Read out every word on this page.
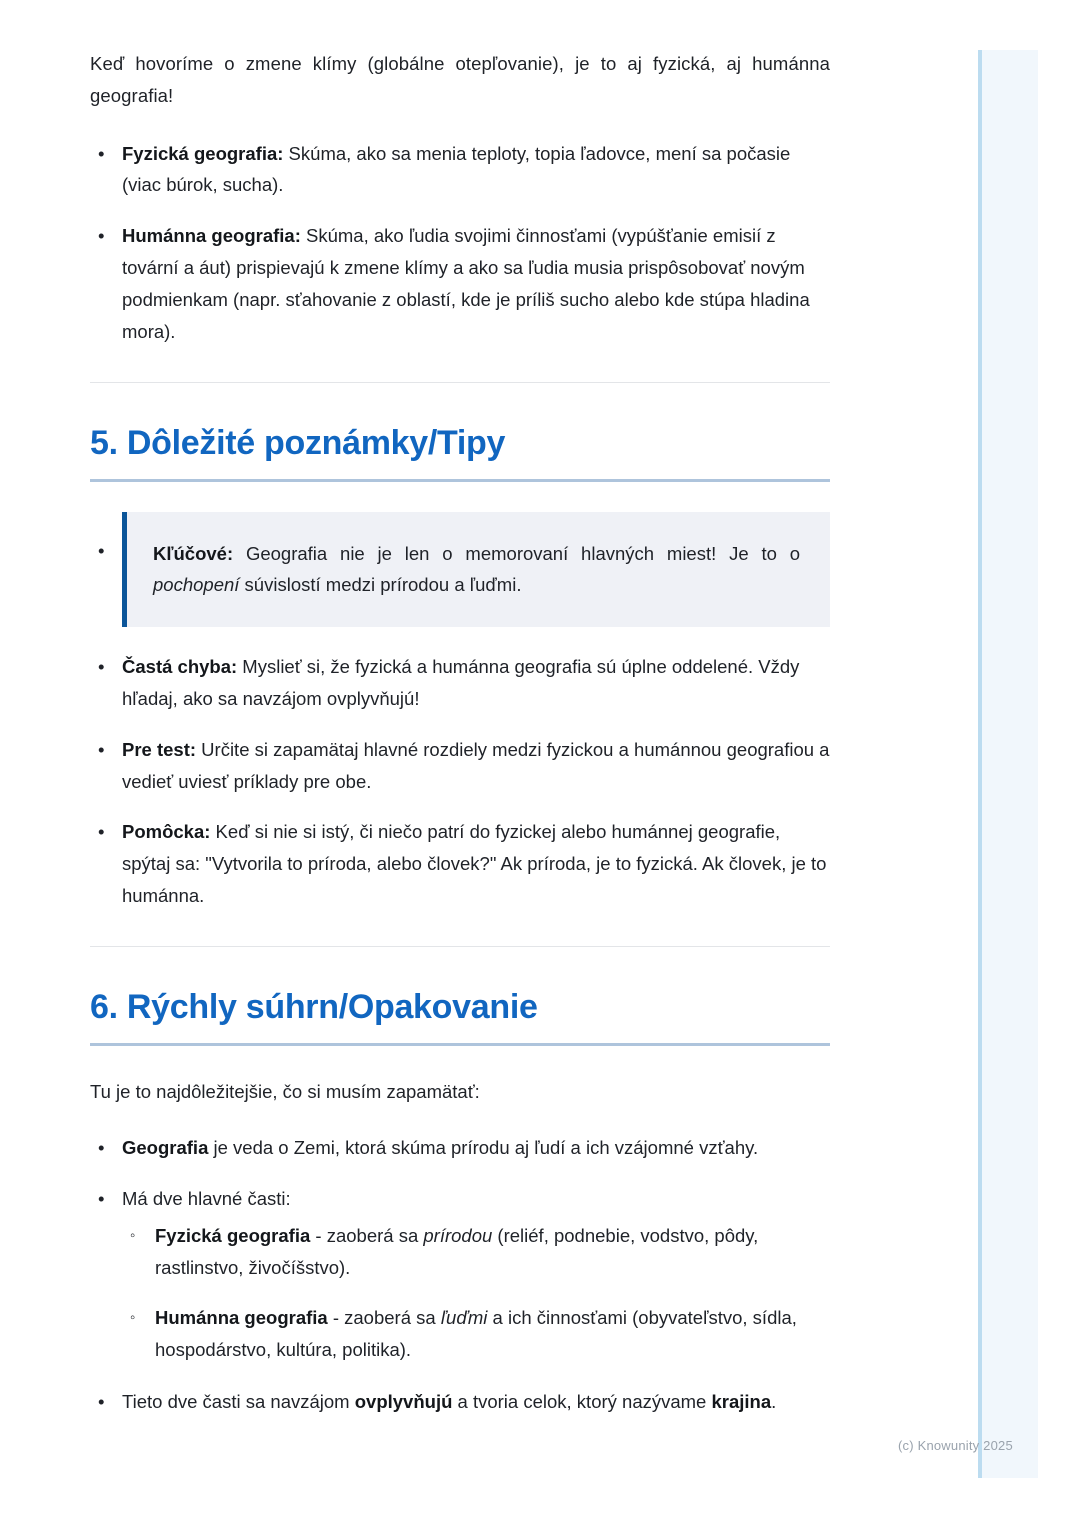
Keď hovoríme o zmene klímy (globálne otepľovanie), je to aj fyzická, aj humánna geografia!

• Fyzická geografia: Skúma, ako sa menia teploty, topia ľadovce, mení sa počasie (viac búrok, sucha).
• Humánna geografia: Skúma, ako ľudia svojimi činnosťami (vypúšťanie emisií z tovární a áut) prispievajú k zmene klímy a ako sa ľudia musia prispôsobovať novým podmienkam (napr. sťahovanie z oblastí, kde je príliš sucho alebo kde stúpa hladina mora).
5. Dôležité poznámky/Tipy
•	Kľúčové: Geografia nie je len o memorovaní hlavných miest! Je to o pochopení súvislostí medzi prírodou a ľuďmi.
• Častá chyba: Myslieť si, že fyzická a humánna geografia sú úplne oddelené. Vždy hľadaj, ako sa navzájom ovplyvňujú!
• Pre test: Určite si zapamätaj hlavné rozdiely medzi fyzickou a humánnou geografiou a vedieť uviesť príklady pre obe.
• Pomôcka: Keď si nie si istý, či niečo patrí do fyzickej alebo humánnej geografie, spýtaj sa: "Vytvorila to príroda, alebo človek?" Ak príroda, je to fyzická. Ak človek, je to humánna.
6. Rýchly súhrn/Opakovanie

Tu je to najdôležitejšie, čo si musím zapamätať:

• Geografia je veda o Zemi, ktorá skúma prírodu aj ľudí a ich vzájomné vzťahy.
• Má dve hlavné časti:
◦ Fyzická geografia - zaoberá sa prírodou (reliéf, podnebie, vodstvo, pôdy, rastlinstvo, živočíšstvo).
◦ Humánna geografia - zaoberá sa ľuďmi a ich činnosťami (obyvateľstvo, sídla, hospodárstvo, kultúra, politika).
• Tieto dve časti sa navzájom ovplyvňujú a tvoria celok, ktorý nazývame krajina.
(c) Knowunity 2025
